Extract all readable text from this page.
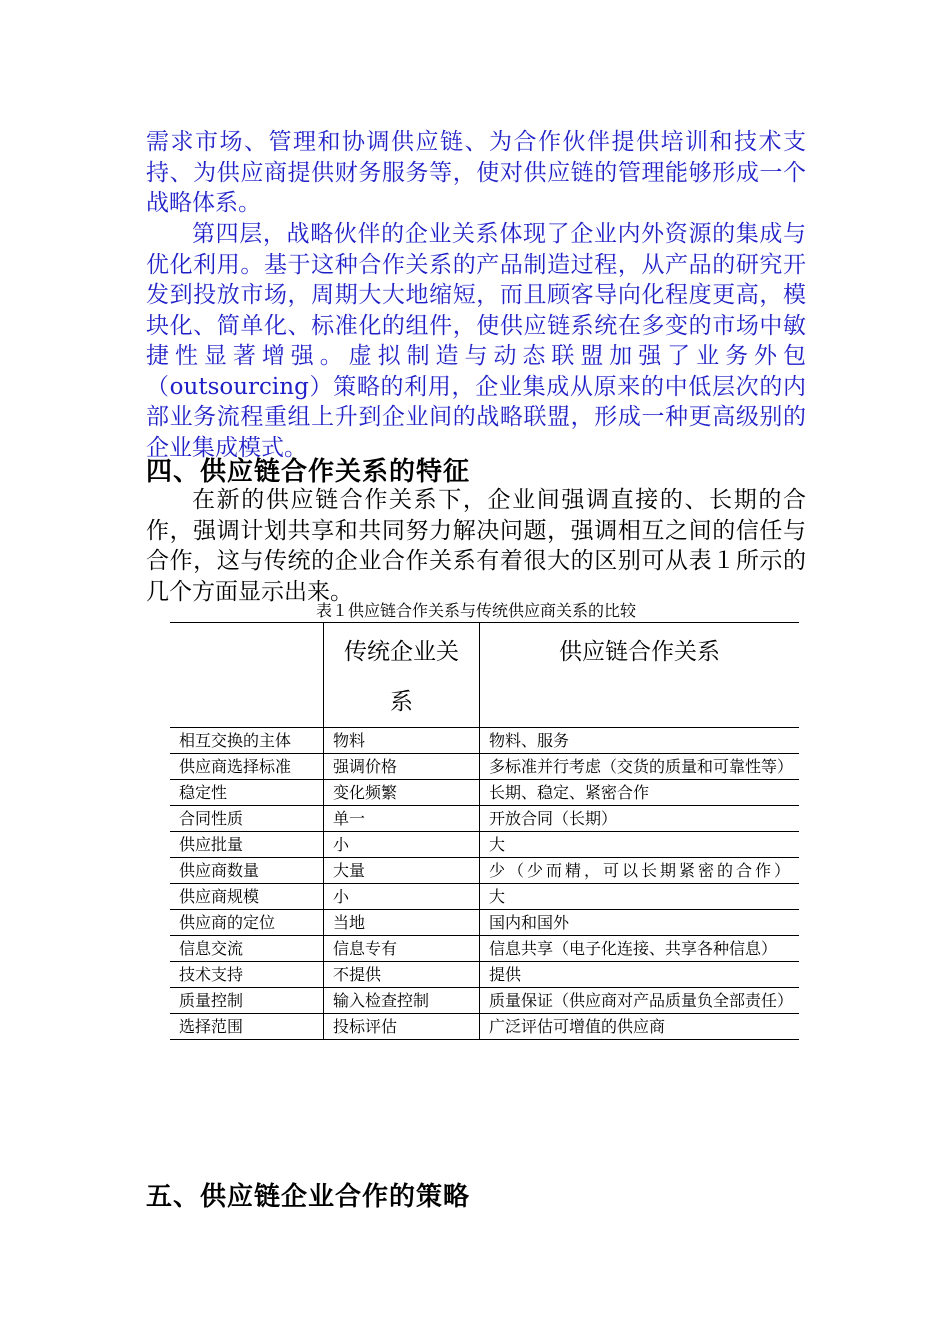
需求市场、管理和协调供应链、为合作伙伴提供培训和技术支持、为供应商提供财务服务等，使对供应链的管理能够形成一个战略体系。

第四层，战略伙伴的企业关系体现了企业内外资源的集成与优化利用。基于这种合作关系的产品制造过程，从产品的研究开发到投放市场，周期大大地缩短，而且顾客导向化程度更高，模块化、简单化、标准化的组件，使供应链系统在多变的市场中敏捷性显著增强。虚拟制造与动态联盟加强了业务外包（outsourcing）策略的利用，企业集成从原来的中低层次的内部业务流程重组上升到企业间的战略联盟，形成一种更高级别的企业集成模式。

四、供应链合作关系的特征

在新的供应链合作关系下，企业间强调直接的、长期的合作，强调计划共享和共同努力解决问题，强调相互之间的信任与合作，这与传统的企业合作关系有着很大的区别可从表１所示的几个方面显示出来。

表１供应链合作关系与传统供应商关系的比较

	传统企业关系	供应链合作关系
相互交换的主体	物料	物料、服务
供应商选择标准	强调价格	多标准并行考虑（交货的质量和可靠性等）
稳定性	变化频繁	长期、稳定、紧密合作
合同性质	单一	开放合同（长期）
供应批量	小	大
供应商数量	大量	少（少而精，可以长期紧密的合作）
供应商规模	小	大
供应商的定位	当地	国内和国外
信息交流	信息专有	信息共享（电子化连接、共享各种信息）
技术支持	不提供	提供
质量控制	输入检查控制	质量保证（供应商对产品质量负全部责任）
选择范围	投标评估	广泛评估可增值的供应商
五、供应链企业合作的策略
